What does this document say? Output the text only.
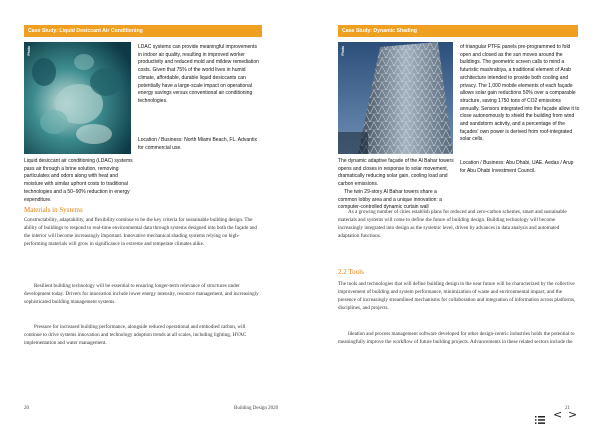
Case Study: Liquid Desiccant Air Conditioning
Photo	LDAC systems can provide meaningful improvements in indoor air quality, resulting in improved worker productivity and reduced mold and mildew remediation costs. Given that 75% of the world lives in humid climate, affordable, durable liquid desiccants can potentially have a large-scale impact on operational energy savings versus conventional air conditioning technologies.

Location / Business: North Miami Beach, FL. Advantix for commercial use.

Liquid desiccant air conditioning (LDAC) systems pass air through a brine solution, removing particulates and odors along with heat and moisture with similar upfront costs to traditional technologies and a 50–90% reduction in energy expenditure.

Materials in Systems

Constructability, adaptability, and flexibility continue to be the key criteria for sustainable building design. The ability of buildings to respond to real-time environmental data through systems designed into both the façade and the interior will become increasingly important. Innovative mechanical shading systems relying on high-performing materials will grow in significance in extreme and temperate climates alike.

Resilient building technology will be essential to ensuring longer-term relevance of structures under development today. Drivers for innovation include lower energy intensity, resource management, and increasingly sophisticated building management systems.

Pressure for increased building performance, alongside reduced operational and embodied carbon, will continue to drive systems innovation and technology adoption trends at all scales, including lighting, HVAC implementation and water management.

20	Building Design 2020
Case Study: Dynamic Shading
Photo

The dynamic adaptive façade of the Al Bahar towers opens and closes in response to solar movement, dramatically reducing solar gain, cooling load and carbon emissions.

The twin 29-story Al Bahar towers share a common lobby area and a unique innovation: a computer-controlled dynamic curtain wall

of triangular PTFE panels pre-programmed to fold open and closed as the sun moves around the buildings. The geometric screen calls to mind a futuristic mashrabiya, a traditional element of Arab architecture intended to provide both cooling and privacy. The 1,000 mobile elements of each façade allows solar gain reductions 50% over a comparable structure, saving 1750 tons of CO2 emissions annually. Sensors integrated into the façade allow it to close autonomously to shield the building from wind and sandstorm activity, and a percentage of the façades' own power is derived from roof-integrated solar cells.

Location / Business: Abu Dhabi, UAE. Aedas / Arup for Abu Dhabi Investment Council.

As a growing number of cities establish plans for reduced and zero-carbon schemes, smart and sustainable materials and systems will come to define the future of building design. Building technology will become increasingly integrated into design as the systemic level, driven by advances in data analysis and automated adaptation functions.

2.2 Tools

The tools and technologies that will define building design in the near future will be characterized by the collective improvement of building and system performance, minimization of waste and environmental impact, and the presence of increasingly streamlined mechanisms for collaboration and integration of information across platforms, disciplines, and projects.

Ideation and process management software developed for other design-centric industries holds the potential to meaningfully improve the workflow of future building projects. Advancements in these related sectors include the

21
< >
